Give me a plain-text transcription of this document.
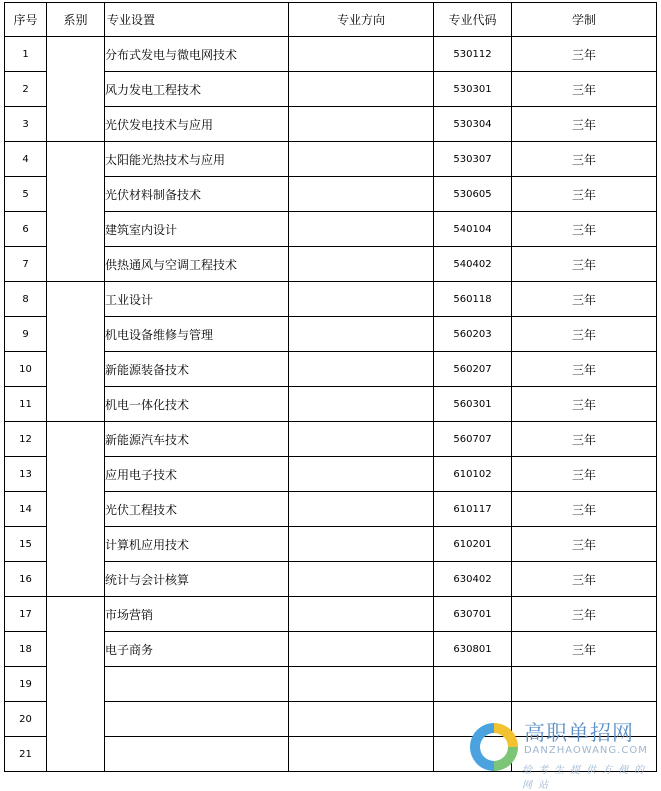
序号	系别	专业设置	专业方向	专业代码	学制
1		分布式发电与微电网技术		530112	三年
2		风力发电工程技术		530301	三年
3		光伏发电技术与应用		530304	三年
4		太阳能光热技术与应用		530307	三年
5		光伏材料制备技术		530605	三年
6		建筑室内设计		540104	三年
7		供热通风与空调工程技术		540402	三年
8		工业设计		560118	三年
9		机电设备维修与管理		560203	三年
10		新能源装备技术		560207	三年
11		机电一体化技术		560301	三年
12		新能源汽车技术		560707	三年
13		应用电子技术		610102	三年
14		光伏工程技术		610117	三年
15		计算机应用技术		610201	三年
16		统计与会计核算		630402	三年
17		市场营销		630701	三年
18		电子商务		630801	三年
19					
20					
21					
高职单招网
DANZHAOWANG.COM
给考生提供方便的网站
